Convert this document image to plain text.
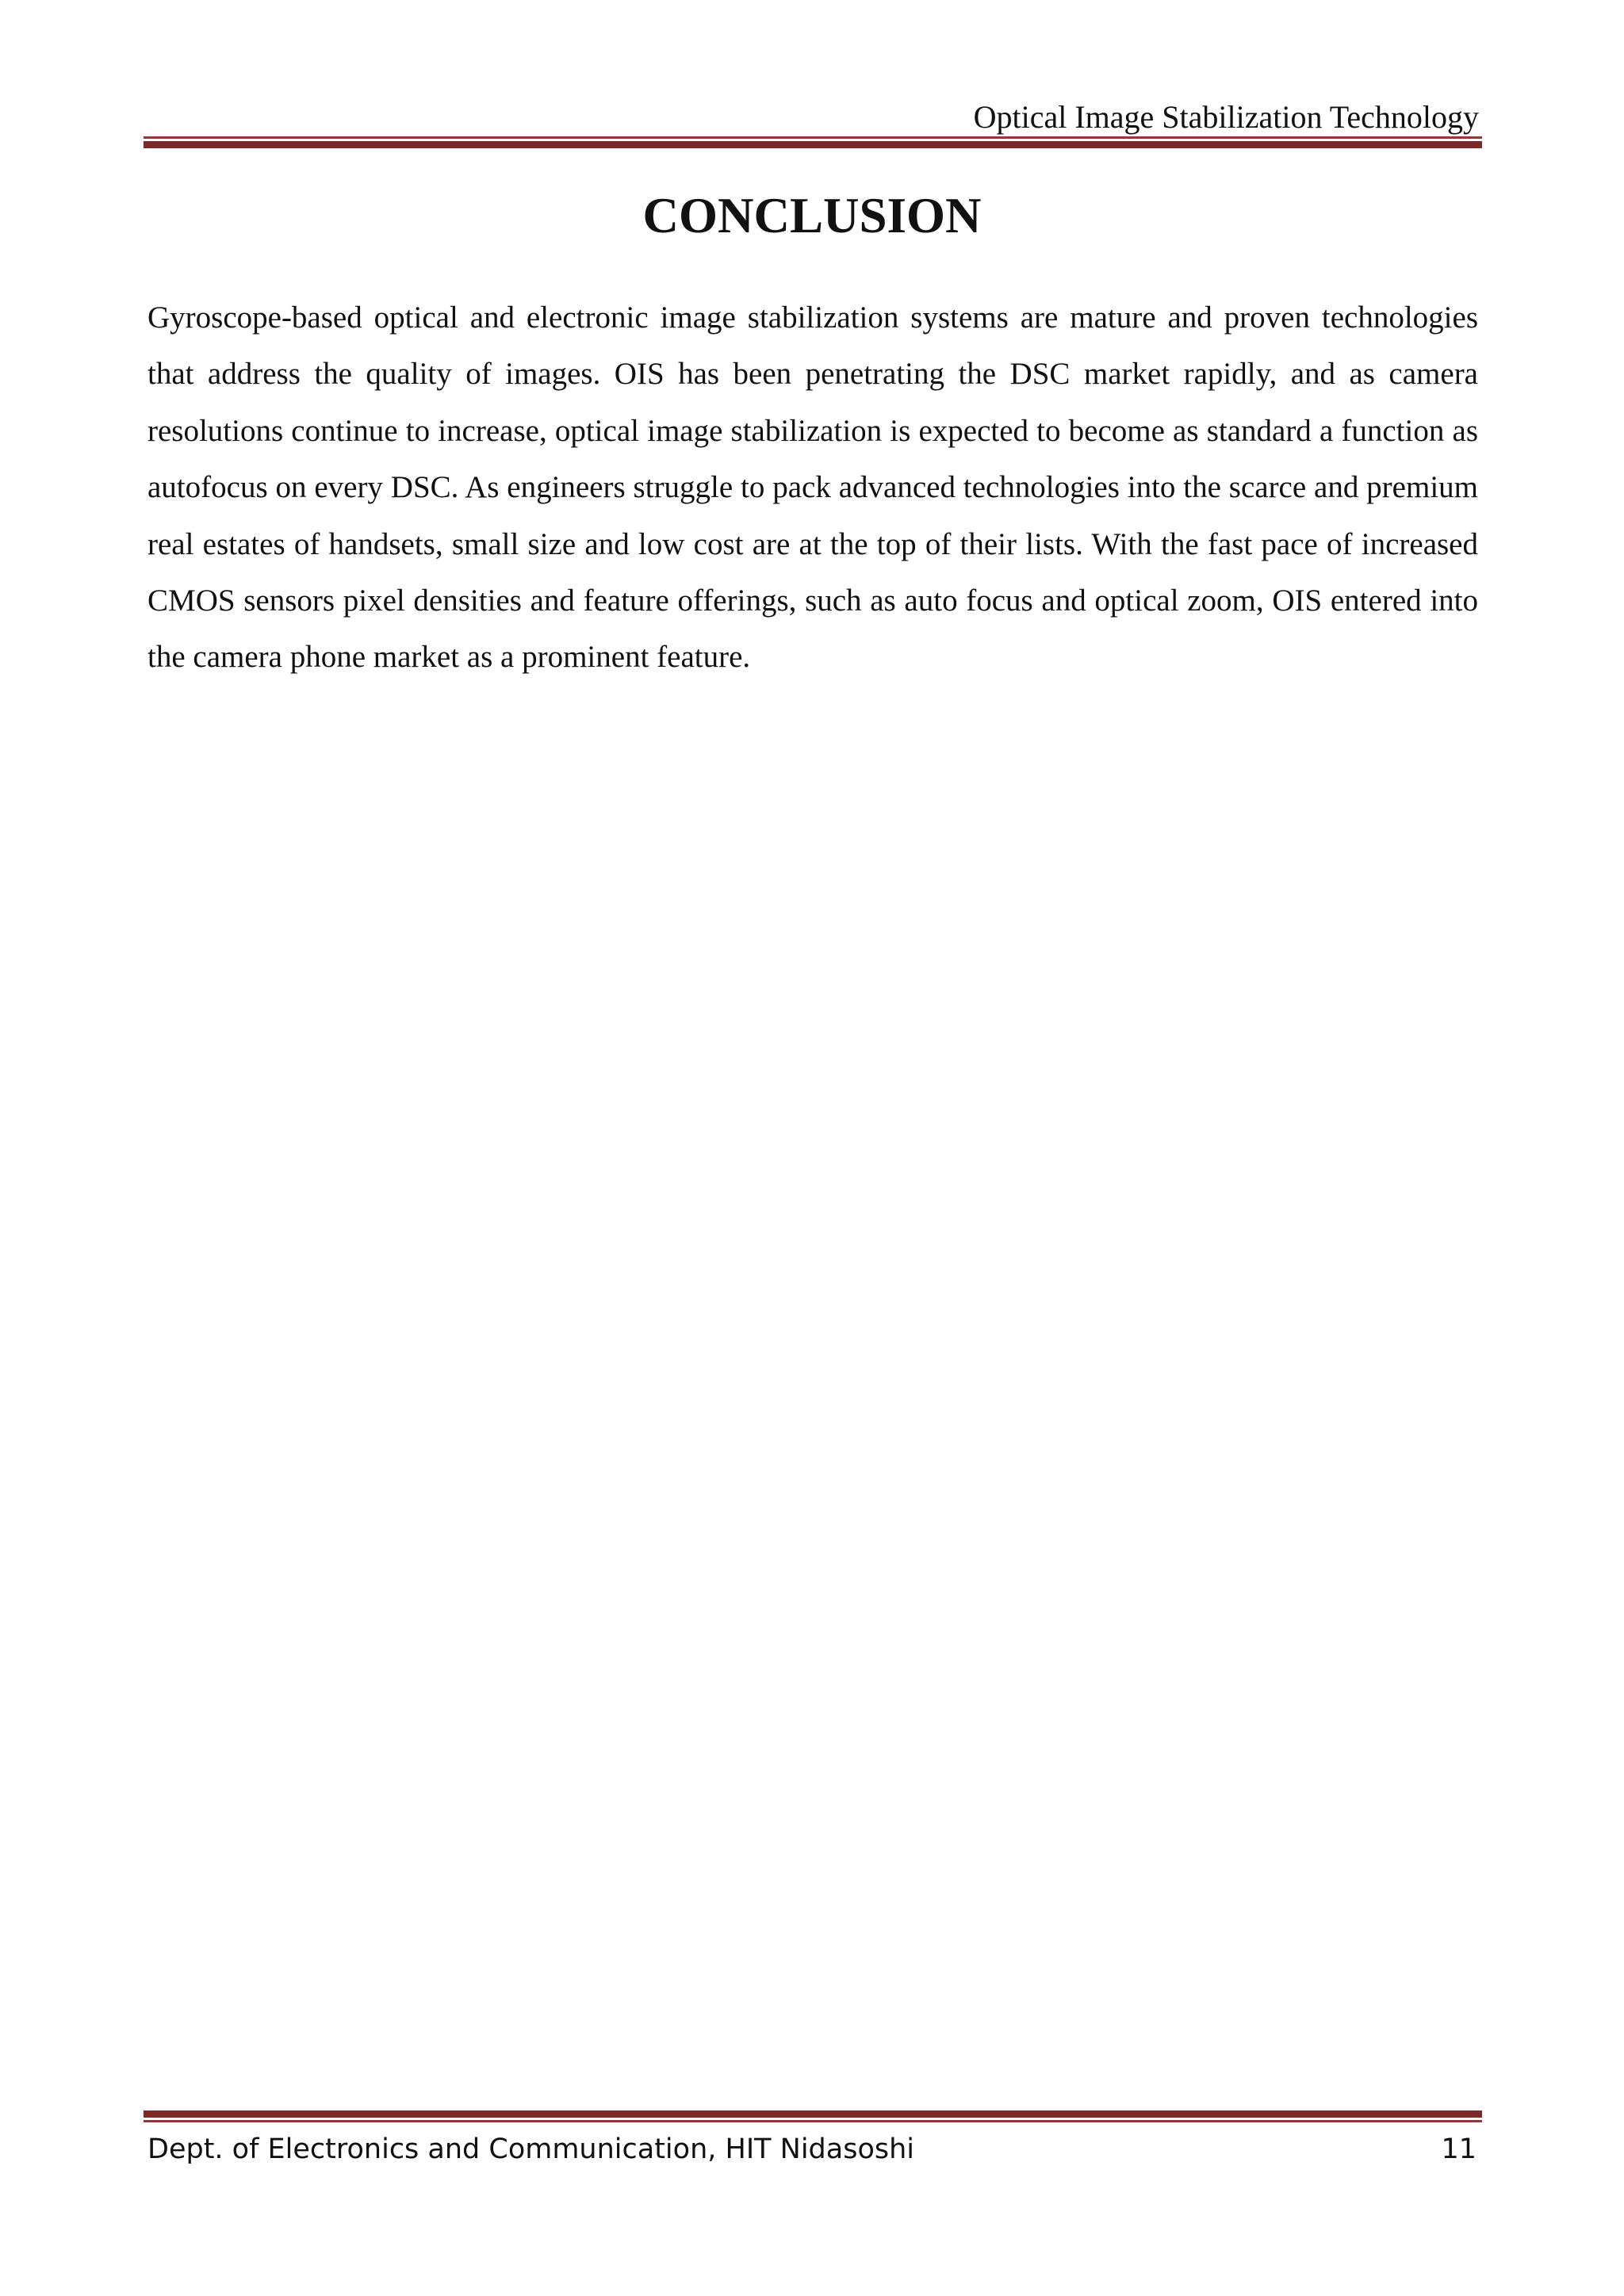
Optical Image Stabilization Technology
CONCLUSION

Gyroscope-based optical and electronic image stabilization systems are mature and proven technologies that address the quality of images. OIS has been penetrating the DSC market rapidly, and as camera resolutions continue to increase, optical image stabilization is expected to become as standard a function as autofocus on every DSC. As engineers struggle to pack advanced technologies into the scarce and premium real estates of handsets, small size and low cost are at the top of their lists. With the fast pace of increased CMOS sensors pixel densities and feature offerings, such as auto focus and optical zoom, OIS entered into the camera phone market as a prominent feature.

Dept. of Electronics and Communication, HIT Nidasoshi	11
